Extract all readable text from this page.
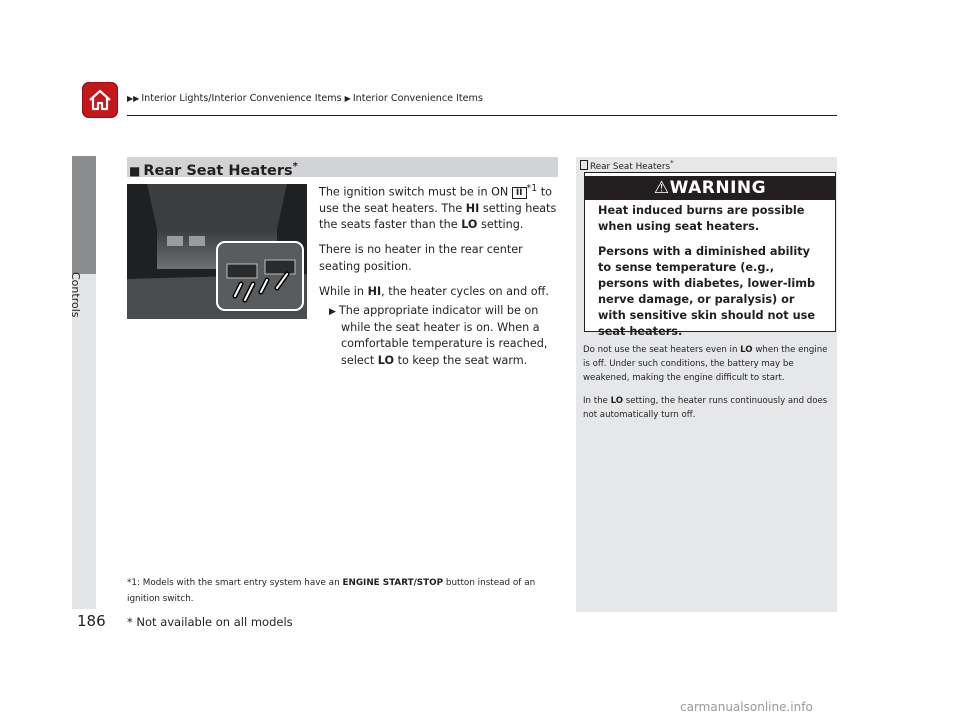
▶▶ Interior Lights/Interior Convenience Items ▶ Interior Convenience Items
Controls
■ Rear Seat Heaters*

The ignition switch must be in ON II $^{*1}$ to use the seat heaters. The HI setting heats the seats faster than the LO setting.

There is no heater in the rear center seating position.

While in HI, the heater cycles on and off.

▶ The appropriate indicator will be on while the seat heater is on. When a comfortable temperature is reached, select LO to keep the seat warm.

*1: Models with the smart entry system have an ENGINE START/STOP button instead of an ignition switch.
Rear Seat Heaters*
⚠WARNING

Heat induced burns are possible when using seat heaters.

Persons with a diminished ability to sense temperature (e.g., persons with diabetes, lower-limb nerve damage, or paralysis) or with sensitive skin should not use seat heaters.

Do not use the seat heaters even in LO when the engine is off. Under such conditions, the battery may be weakened, making the engine difficult to start.

In the LO setting, the heater runs continuously and does not automatically turn off.

186 * Not available on all models
carmanualsonline.info
